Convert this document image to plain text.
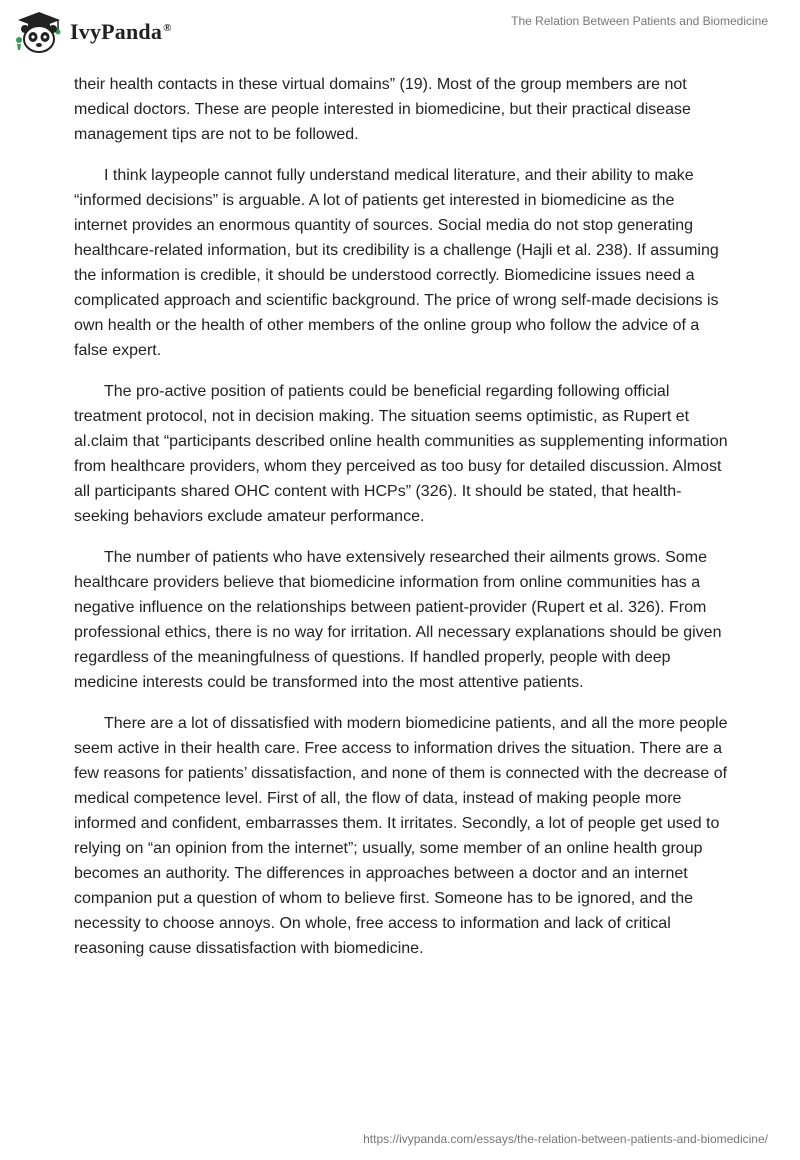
IvyPanda®	The Relation Between Patients and Biomedicine

their health contacts in these virtual domains” (19). Most of the group members are not medical doctors. These are people interested in biomedicine, but their practical disease management tips are not to be followed.

I think laypeople cannot fully understand medical literature, and their ability to make “informed decisions” is arguable. A lot of patients get interested in biomedicine as the internet provides an enormous quantity of sources. Social media do not stop generating healthcare-related information, but its credibility is a challenge (Hajli et al. 238). If assuming the information is credible, it should be understood correctly. Biomedicine issues need a complicated approach and scientific background. The price of wrong self-made decisions is own health or the health of other members of the online group who follow the advice of a false expert.

The pro-active position of patients could be beneficial regarding following official treatment protocol, not in decision making. The situation seems optimistic, as Rupert et al.claim that “participants described online health communities as supplementing information from healthcare providers, whom they perceived as too busy for detailed discussion. Almost all participants shared OHC content with HCPs” (326). It should be stated, that health-seeking behaviors exclude amateur performance.

The number of patients who have extensively researched their ailments grows. Some healthcare providers believe that biomedicine information from online communities has a negative influence on the relationships between patient-provider (Rupert et al. 326). From professional ethics, there is no way for irritation. All necessary explanations should be given regardless of the meaningfulness of questions. If handled properly, people with deep medicine interests could be transformed into the most attentive patients.

There are a lot of dissatisfied with modern biomedicine patients, and all the more people seem active in their health care. Free access to information drives the situation. There are a few reasons for patients’ dissatisfaction, and none of them is connected with the decrease of medical competence level. First of all, the flow of data, instead of making people more informed and confident, embarrasses them. It irritates. Secondly, a lot of people get used to relying on “an opinion from the internet”; usually, some member of an online health group becomes an authority. The differences in approaches between a doctor and an internet companion put a question of whom to believe first. Someone has to be ignored, and the necessity to choose annoys. On whole, free access to information and lack of critical reasoning cause dissatisfaction with biomedicine.

https://ivypanda.com/essays/the-relation-between-patients-and-biomedicine/
